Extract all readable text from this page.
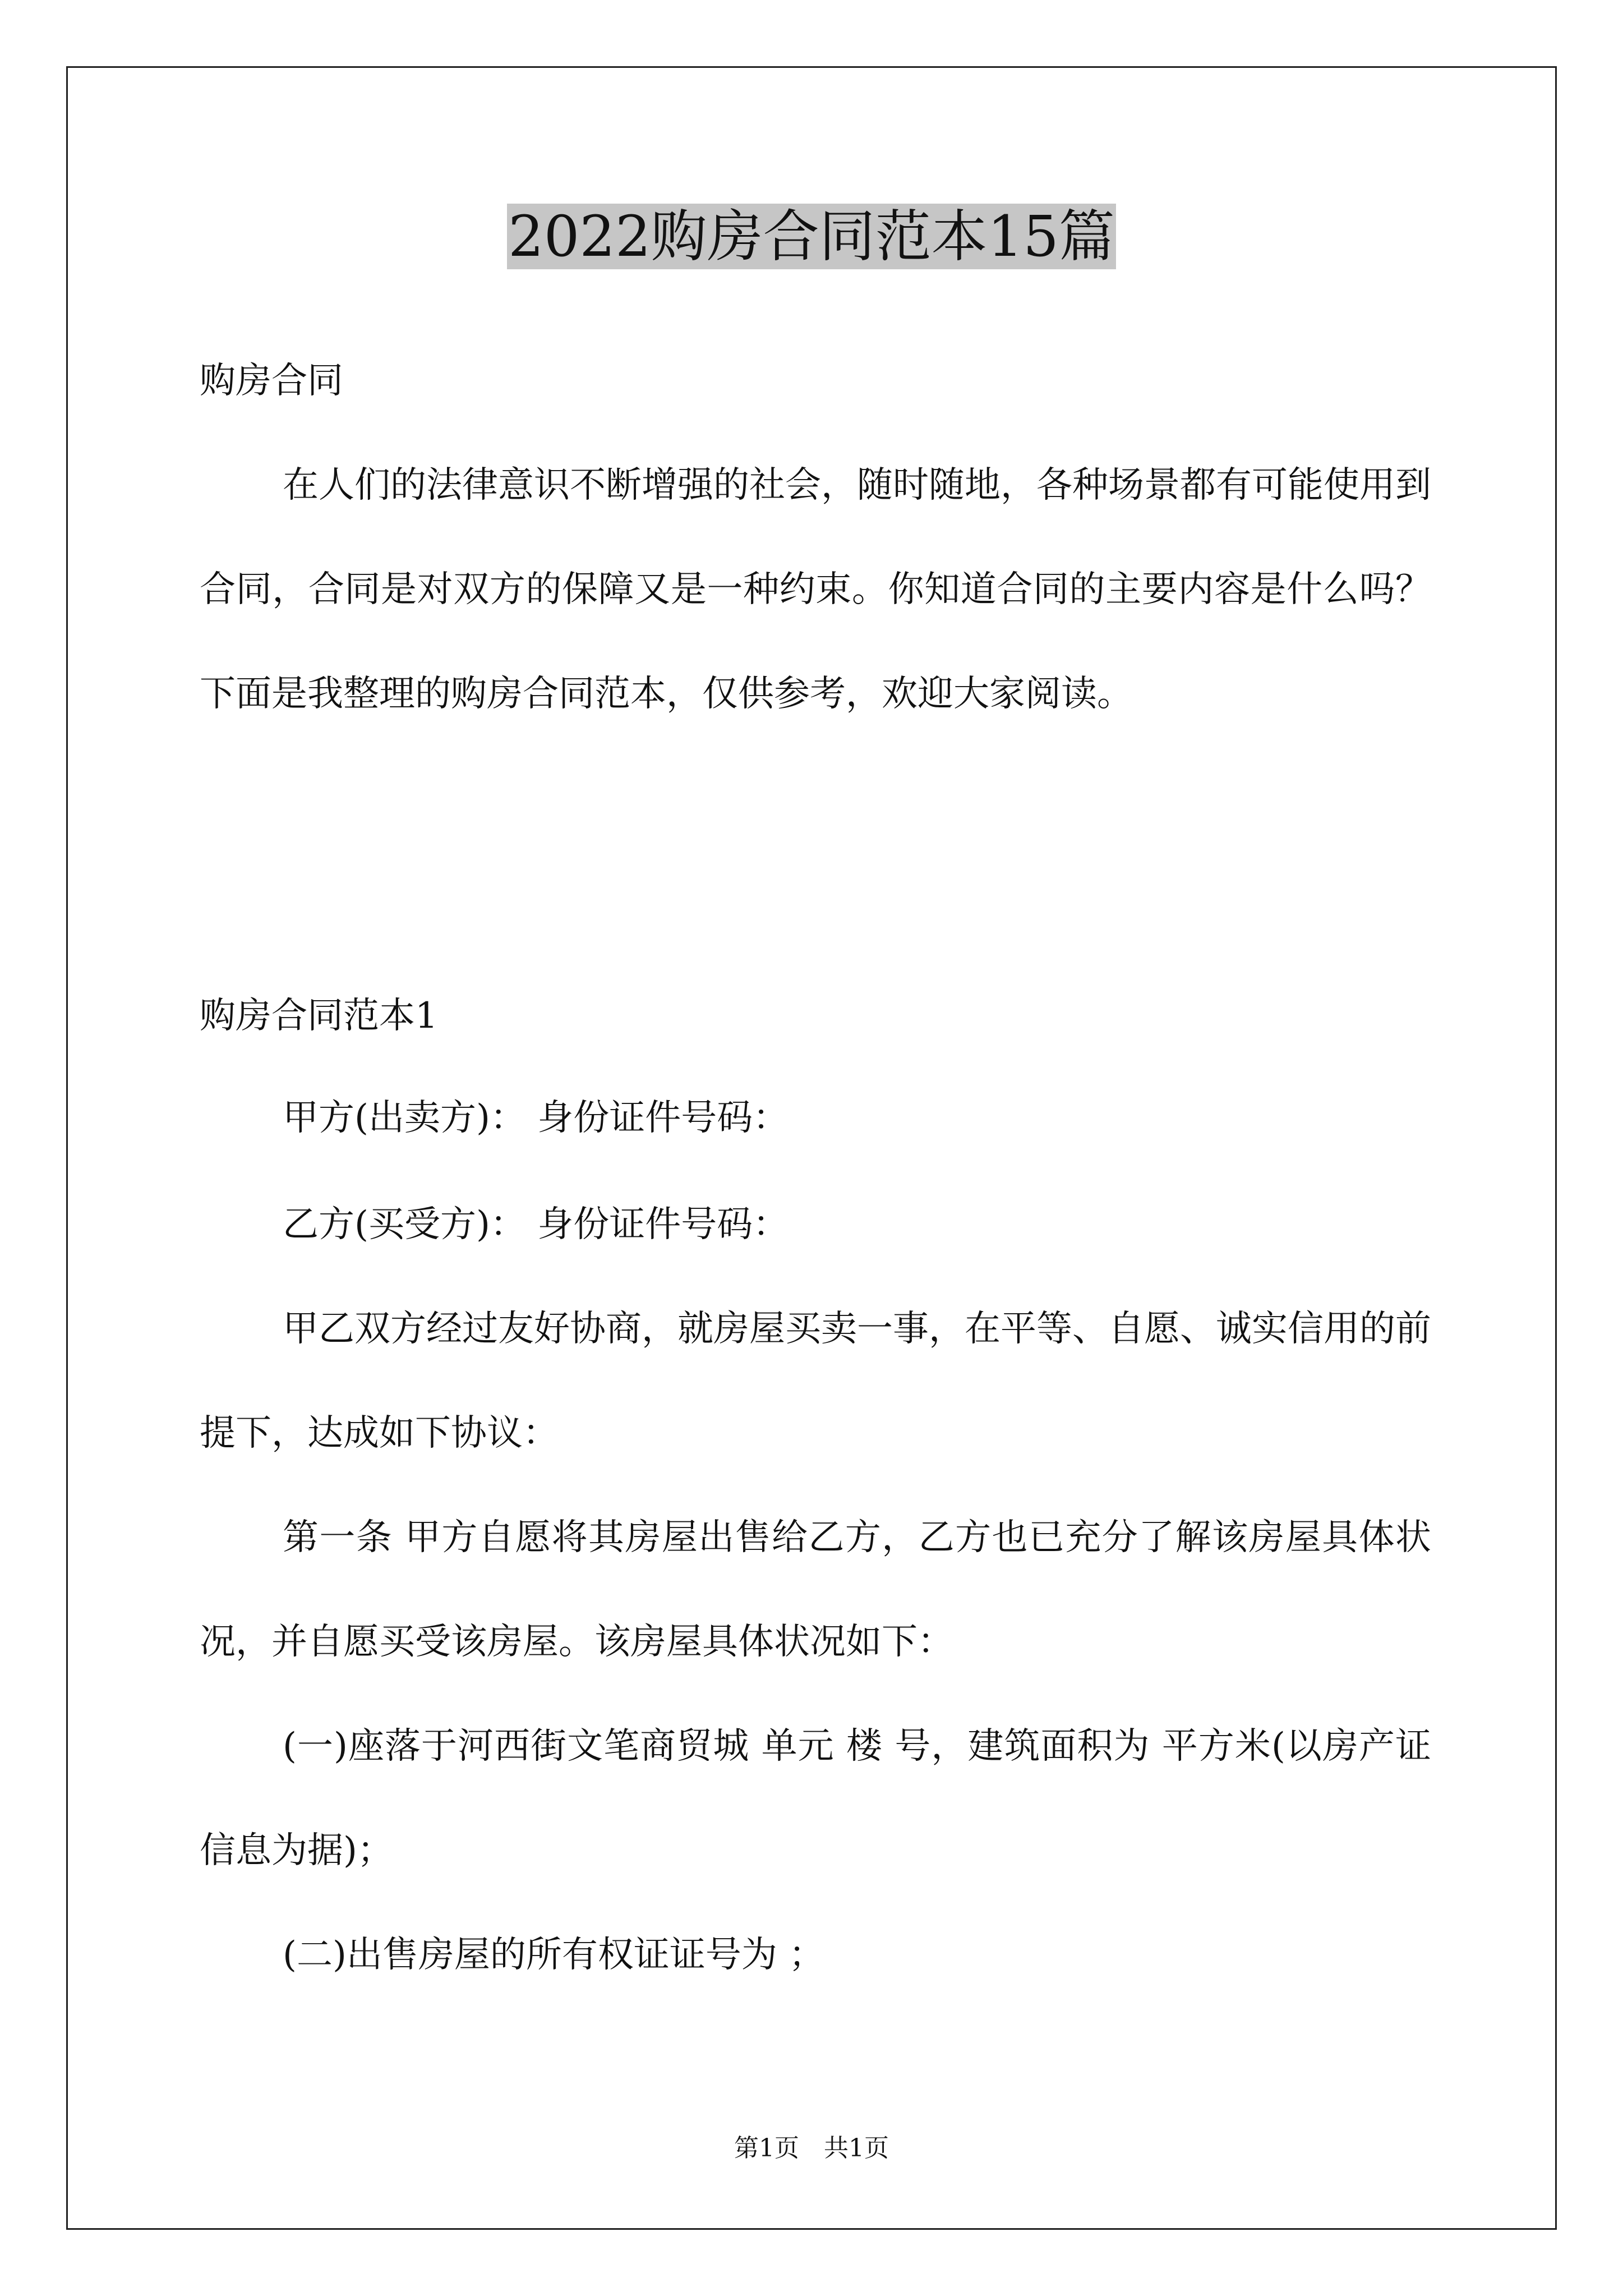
2022购房合同范本15篇

购房合同

在人们的法律意识不断增强的社会，随时随地，各种场景都有可能使用到合同，合同是对双方的保障又是一种约束。你知道合同的主要内容是什么吗？下面是我整理的购房合同范本，仅供参考，欢迎大家阅读。

购房合同范本1

甲方(出卖方)： 身份证件号码：

乙方(买受方)： 身份证件号码：

甲乙双方经过友好协商，就房屋买卖一事，在平等、自愿、诚实信用的前提下，达成如下协议：

第一条 甲方自愿将其房屋出售给乙方，乙方也已充分了解该房屋具体状况，并自愿买受该房屋。该房屋具体状况如下：

(一)座落于河西街文笔商贸城 单元 楼 号，建筑面积为 平方米(以房产证信息为据)；

(二)出售房屋的所有权证证号为 ；

第1页 共1页
